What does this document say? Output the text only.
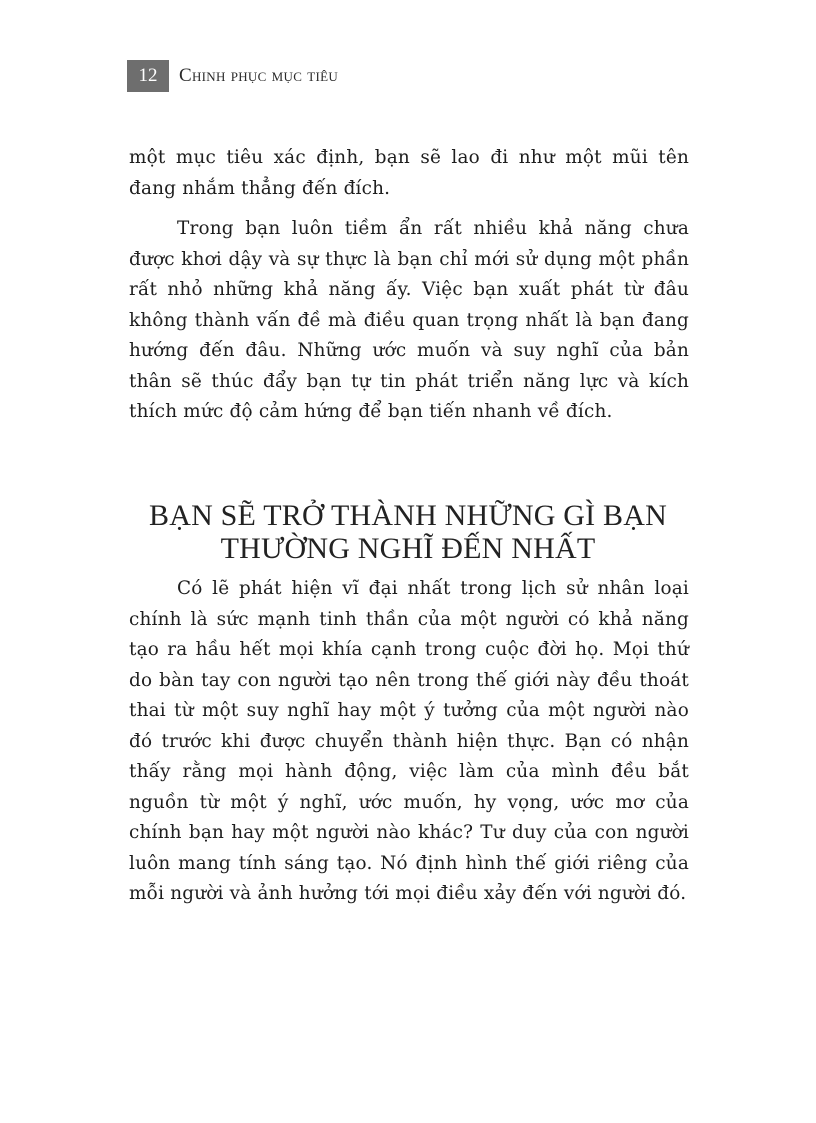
12	Chinh phục mục tiêu

một mục tiêu xác định, bạn sẽ lao đi như một mũi tên đang nhắm thẳng đến đích.

Trong bạn luôn tiềm ẩn rất nhiều khả năng chưa được khơi dậy và sự thực là bạn chỉ mới sử dụng một phần rất nhỏ những khả năng ấy. Việc bạn xuất phát từ đâu không thành vấn đề mà điều quan trọng nhất là bạn đang hướng đến đâu. Những ước muốn và suy nghĩ của bản thân sẽ thúc đẩy bạn tự tin phát triển năng lực và kích thích mức độ cảm hứng để bạn tiến nhanh về đích.

BẠN SẼ TRỞ THÀNH NHỮNG GÌ BẠN
THƯỜNG NGHĨ ĐẾN NHẤT

Có lẽ phát hiện vĩ đại nhất trong lịch sử nhân loại chính là sức mạnh tinh thần của một người có khả năng tạo ra hầu hết mọi khía cạnh trong cuộc đời họ. Mọi thứ do bàn tay con người tạo nên trong thế giới này đều thoát thai từ một suy nghĩ hay một ý tưởng của một người nào đó trước khi được chuyển thành hiện thực. Bạn có nhận thấy rằng mọi hành động, việc làm của mình đều bắt nguồn từ một ý nghĩ, ước muốn, hy vọng, ước mơ của chính bạn hay một người nào khác? Tư duy của con người luôn mang tính sáng tạo. Nó định hình thế giới riêng của mỗi người và ảnh hưởng tới mọi điều xảy đến với người đó.
